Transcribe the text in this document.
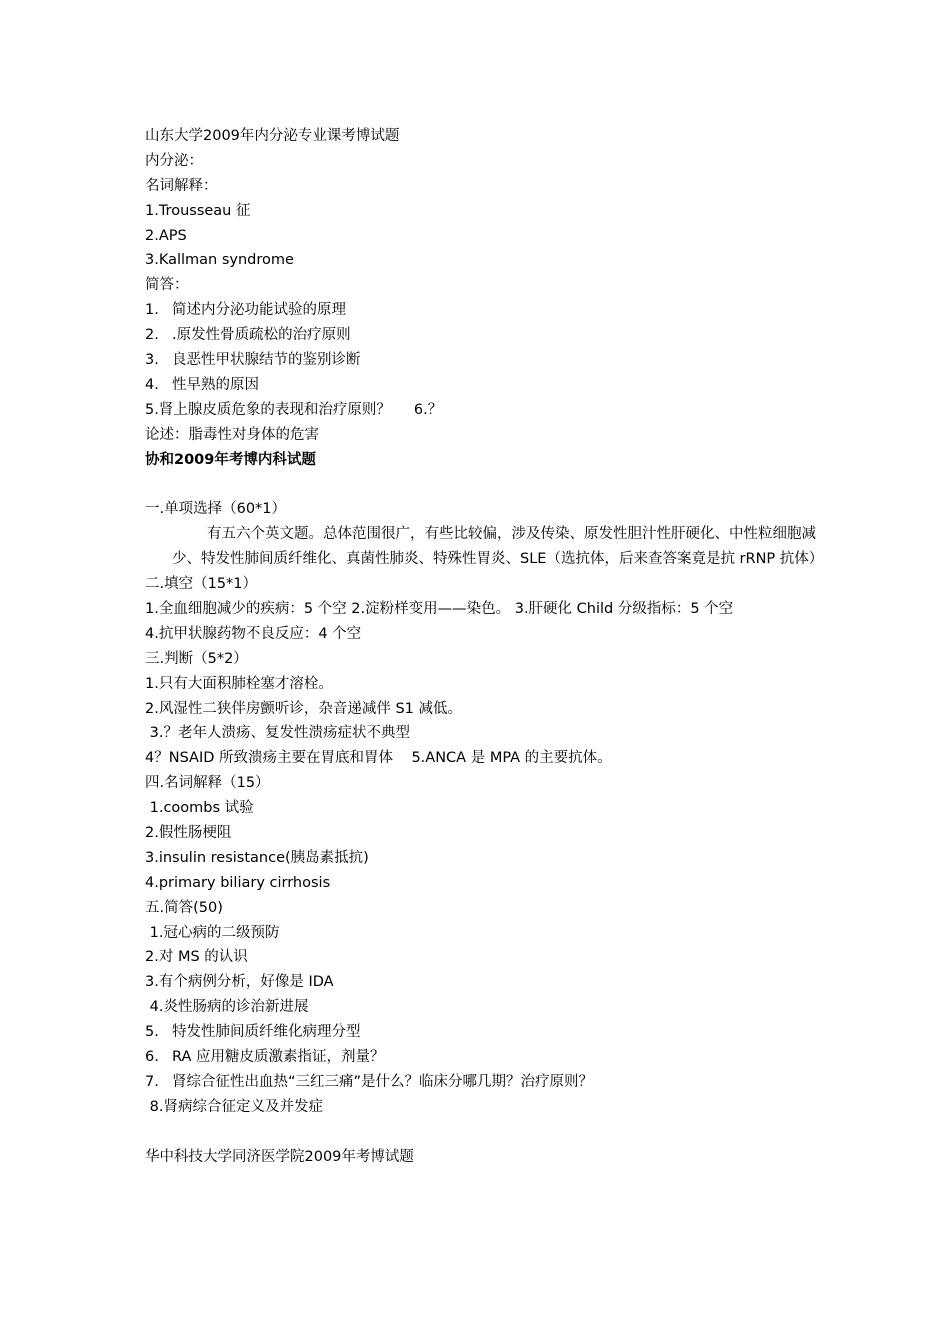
山东大学2009年内分泌专业课考博试题
内分泌：
名词解释：
1.Trousseau 征
2.APS
3.Kallman syndrome
简答：
1. 简述内分泌功能试验的原理
2. .原发性骨质疏松的治疗原则
3. 良恶性甲状腺结节的鉴别诊断
4. 性早熟的原因
5.肾上腺皮质危象的表现和治疗原则？     6.？
论述：脂毒性对身体的危害
协和2009年考博内科试题
一.单项选择（60*1）
有五六个英文题。总体范围很广，有些比较偏，涉及传染、原发性胆汁性肝硬化、中性粒细胞减少、特发性肺间质纤维化、真菌性肺炎、特殊性胃炎、SLE（选抗体，后来查答案竟是抗 rRNP 抗体）
二.填空（15*1）
1.全血细胞减少的疾病：5 个空 2.淀粉样变用——染色。 3.肝硬化 Child 分级指标：5 个空
4.抗甲状腺药物不良反应：4 个空
三.判断（5*2）
1.只有大面积肺栓塞才溶栓。
2.风湿性二狭伴房颤听诊，杂音递减伴 S1 减低。
3.？老年人溃疡、复发性溃疡症状不典型
4？NSAID 所致溃疡主要在胃底和胃体    5.ANCA 是 MPA 的主要抗体。
四.名词解释（15）
1.coombs 试验
2.假性肠梗阻
3.insulin resistance(胰岛素抵抗)
4.primary biliary cirrhosis
五.简答(50)
1.冠心病的二级预防
2.对 MS 的认识
3.有个病例分析，好像是 IDA
4.炎性肠病的诊治新进展
5. 特发性肺间质纤维化病理分型
6. RA 应用糖皮质激素指证，剂量？
7. 肾综合征性出血热“三红三痛”是什么？临床分哪几期？治疗原则？
8.肾病综合征定义及并发症
华中科技大学同济医学院2009年考博试题
